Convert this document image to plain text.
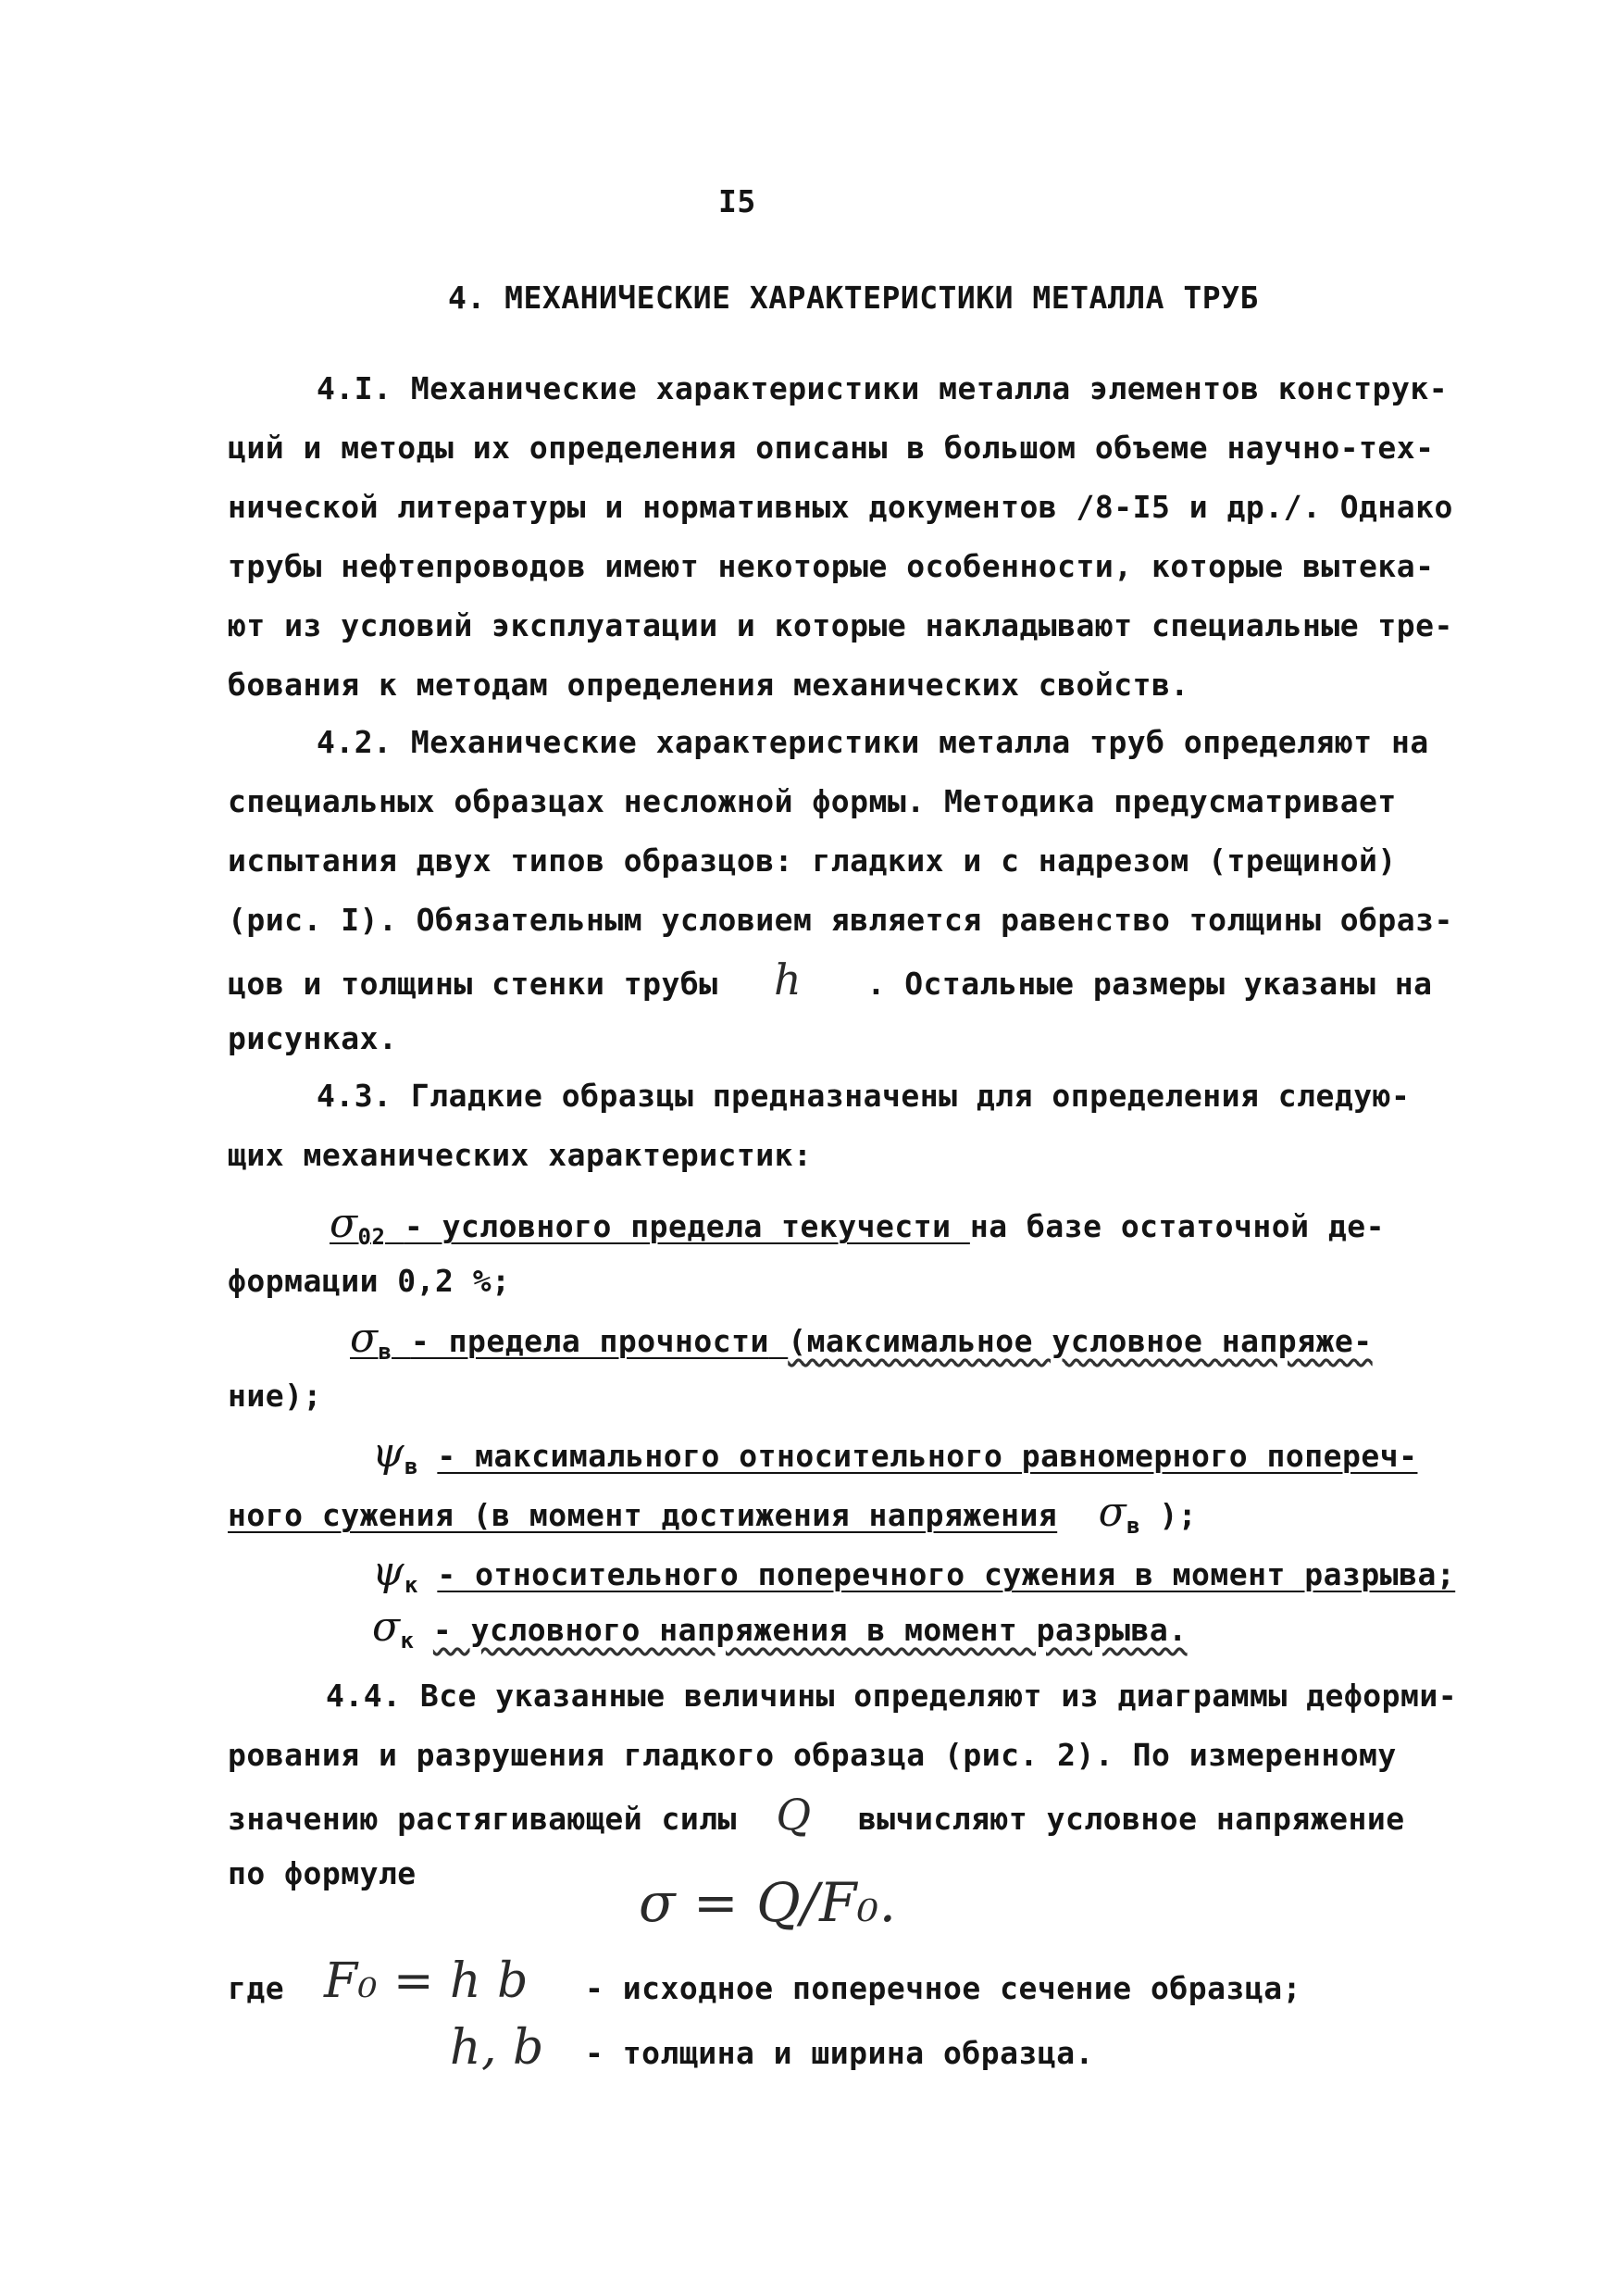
I5
4. МЕХАНИЧЕСКИЕ ХАРАКТЕРИСТИКИ МЕТАЛЛА ТРУБ
4.I. Механические характеристики металла элементов конструк-
ций и методы их определения описаны в большом объеме научно-тех-
нической литературы и нормативных документов /8-I5 и др./. Однако
трубы нефтепроводов имеют некоторые особенности, которые вытека-
ют из условий эксплуатации и которые накладывают специальные тре-
бования к методам определения механических свойств.
4.2. Механические характеристики металла труб определяют на
специальных образцах несложной формы. Методика предусматривает
испытания двух типов образцов: гладких и с надрезом (трещиной)
(рис. I). Обязательным условием является равенство толщины образ-
цов и толщины стенки трубы h . Остальные размеры указаны на
рисунках.
4.3. Гладкие образцы предназначены для определения следую-
щих механических характеристик:
$\sigma_{02}$ - условного предела текучести на базе остаточной де-
формации 0,2 %;
$\sigma_в$ - предела прочности (максимальное условное напряже-
ние);
$\psi_в$ - максимального относительного равномерного попереч-
ного сужения (в момент достижения напряжения $\sigma_в$ );
$\psi_к$ - относительного поперечного сужения в момент разрыва;
$\sigma_к$ - условного напряжения в момент разрыва.
4.4. Все указанные величины определяют из диаграммы деформи-
рования и разрушения гладкого образца (рис. 2). По измеренному
значению растягивающей силы Q вычисляют условное напряжение
по формуле	σ = Q/F₀.
где F₀ = h b - исходное поперечное сечение образца;
h, b - толщина и ширина образца.
